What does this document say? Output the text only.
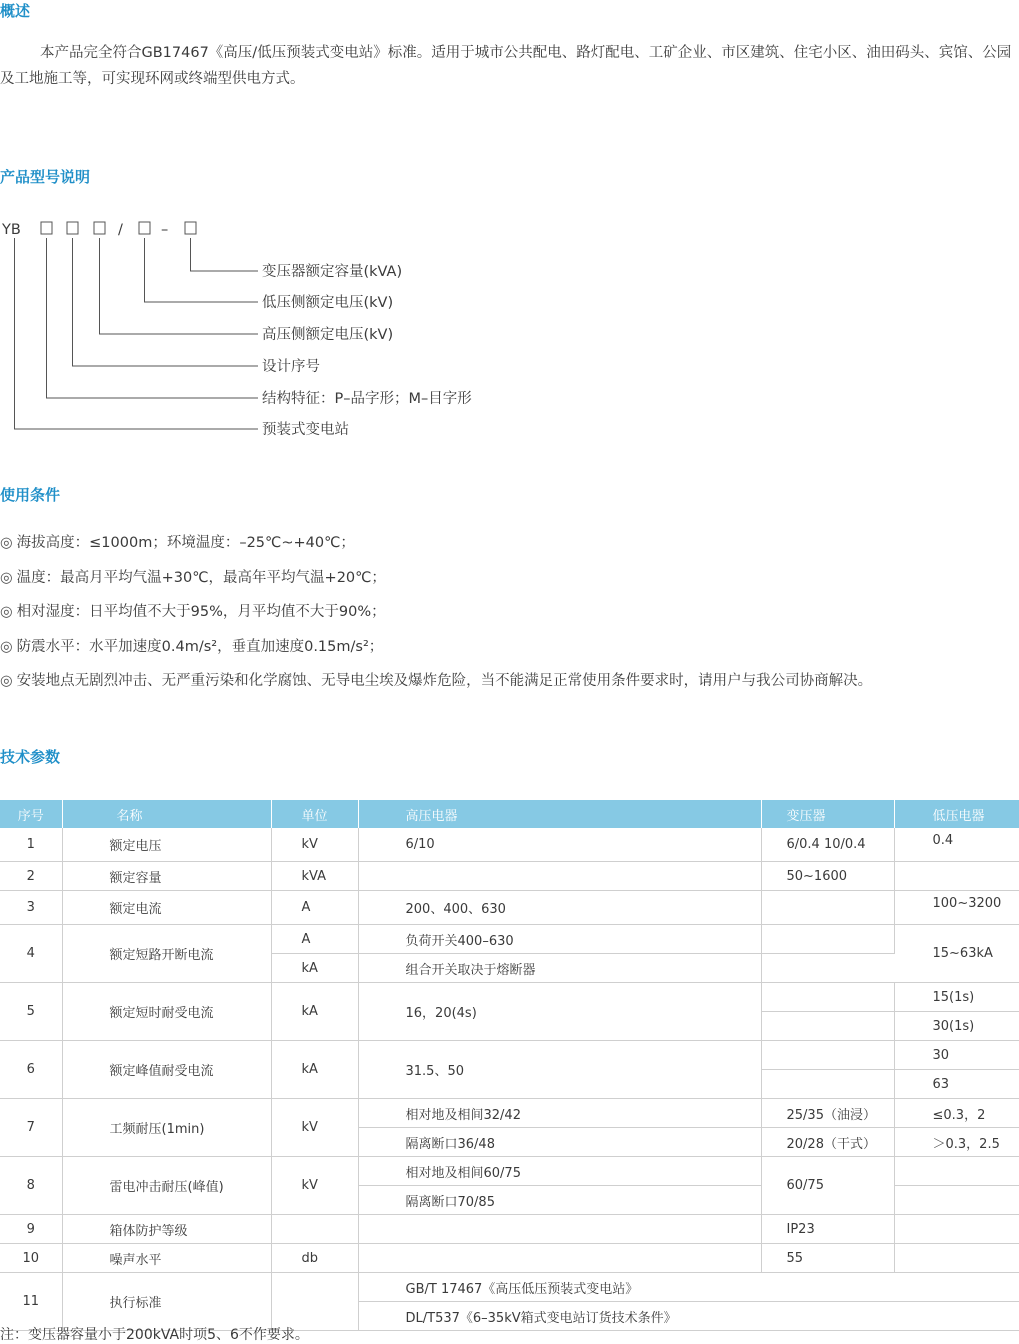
概述

本产品完全符合GB17467《高压/低压预装式变电站》标准。适用于城市公共配电、路灯配电、工矿企业、市区建筑、住宅小区、油田码头、宾馆、公园及工地施工等，可实现环网或终端型供电方式。

产品型号说明
YB	/	–
变压器额定容量(kVA)
低压侧额定电压(kV)
高压侧额定电压(kV)
设计序号
结构特征：P–品字形；M–目字形
预装式变电站
使用条件
◎ 海拔高度：≤1000m；环境温度：–25℃~+40℃；
◎ 温度：最高月平均气温+30℃，最高年平均气温+20℃；
◎ 相对湿度：日平均值不大于95%，月平均值不大于90%；
◎ 防震水平：水平加速度0.4m/s²，垂直加速度0.15m/s²；
◎ 安装地点无剧烈冲击、无严重污染和化学腐蚀、无导电尘埃及爆炸危险，当不能满足正常使用条件要求时，请用户与我公司协商解决。
技术参数
序号	名称	单位	高压电器	变压器	低压电器
1	额定电压	kV	6/10	6/0.4 10/0.4	0.4
2	额定容量	kVA		50~1600	
3	额定电流	A	200、400、630		100~3200
4	额定短路开断电流	A	负荷开关400–630		15~63kA
		kA	组合开关取决于熔断器		
5	额定短时耐受电流	kA	16，20(4s)		15(1s)
					30(1s)
6	额定峰值耐受电流	kA	31.5、50		30
					63
7	工频耐压(1min)	kV	相对地及相间32/42	25/35（油浸）	≤0.3，2
			隔离断口36/48	20/28（干式）	＞0.3，2.5
8	雷电冲击耐压(峰值)	kV	相对地及相间60/75	60/75	
			隔离断口70/85		
9	箱体防护等级			IP23	
10	噪声水平	db		55	
11	执行标准		GB/T 17467《高压低压预装式变电站》		
			DL/T537《6–35kV箱式变电站订货技术条件》		

注：变压器容量小于200kVA时项5、6不作要求。
